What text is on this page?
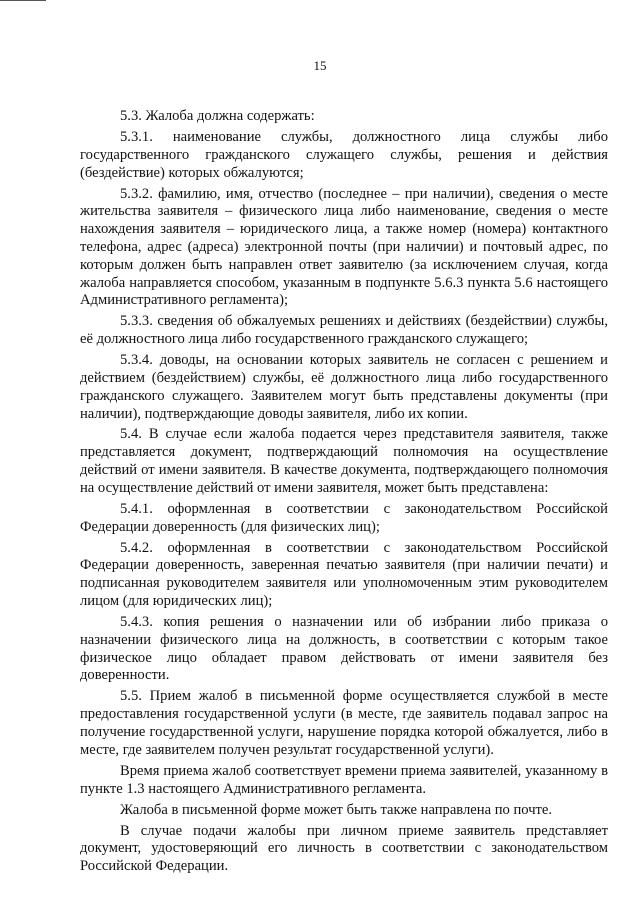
15

5.3. Жалоба должна содержать:

5.3.1. наименование службы, должностного лица службы либо государственного гражданского служащего службы, решения и действия (бездействие) которых обжалуются;

5.3.2. фамилию, имя, отчество (последнее – при наличии), сведения о месте жительства заявителя – физического лица либо наименование, сведения о месте нахождения заявителя – юридического лица, а также номер (номера) контактного телефона, адрес (адреса) электронной почты (при наличии) и почтовый адрес, по которым должен быть направлен ответ заявителю (за исключением случая, когда жалоба направляется способом, указанным в подпункте 5.6.3 пункта 5.6 настоящего Административного регламента);

5.3.3. сведения об обжалуемых решениях и действиях (бездействии) службы, её должностного лица либо государственного гражданского служащего;

5.3.4. доводы, на основании которых заявитель не согласен с решением и действием (бездействием) службы, её должностного лица либо государственного гражданского служащего. Заявителем могут быть представлены документы (при наличии), подтверждающие доводы заявителя, либо их копии.

5.4. В случае если жалоба подается через представителя заявителя, также представляется документ, подтверждающий полномочия на осуществление действий от имени заявителя. В качестве документа, подтверждающего полномочия на осуществление действий от имени заявителя, может быть представлена:

5.4.1. оформленная в соответствии с законодательством Российской Федерации доверенность (для физических лиц);

5.4.2. оформленная в соответствии с законодательством Российской Федерации доверенность, заверенная печатью заявителя (при наличии печати) и подписанная руководителем заявителя или уполномоченным этим руководителем лицом (для юридических лиц);

5.4.3. копия решения о назначении или об избрании либо приказа о назначении физического лица на должность, в соответствии с которым такое физическое лицо обладает правом действовать от имени заявителя без доверенности.

5.5. Прием жалоб в письменной форме осуществляется службой в месте предоставления государственной услуги (в месте, где заявитель подавал запрос на получение государственной услуги, нарушение порядка которой обжалуется, либо в месте, где заявителем получен результат государственной услуги).

Время приема жалоб соответствует времени приема заявителей, указанному в пункте 1.3 настоящего Административного регламента.

Жалоба в письменной форме может быть также направлена по почте.

В случае подачи жалобы при личном приеме заявитель представляет документ, удостоверяющий его личность в соответствии с законодательством Российской Федерации.
